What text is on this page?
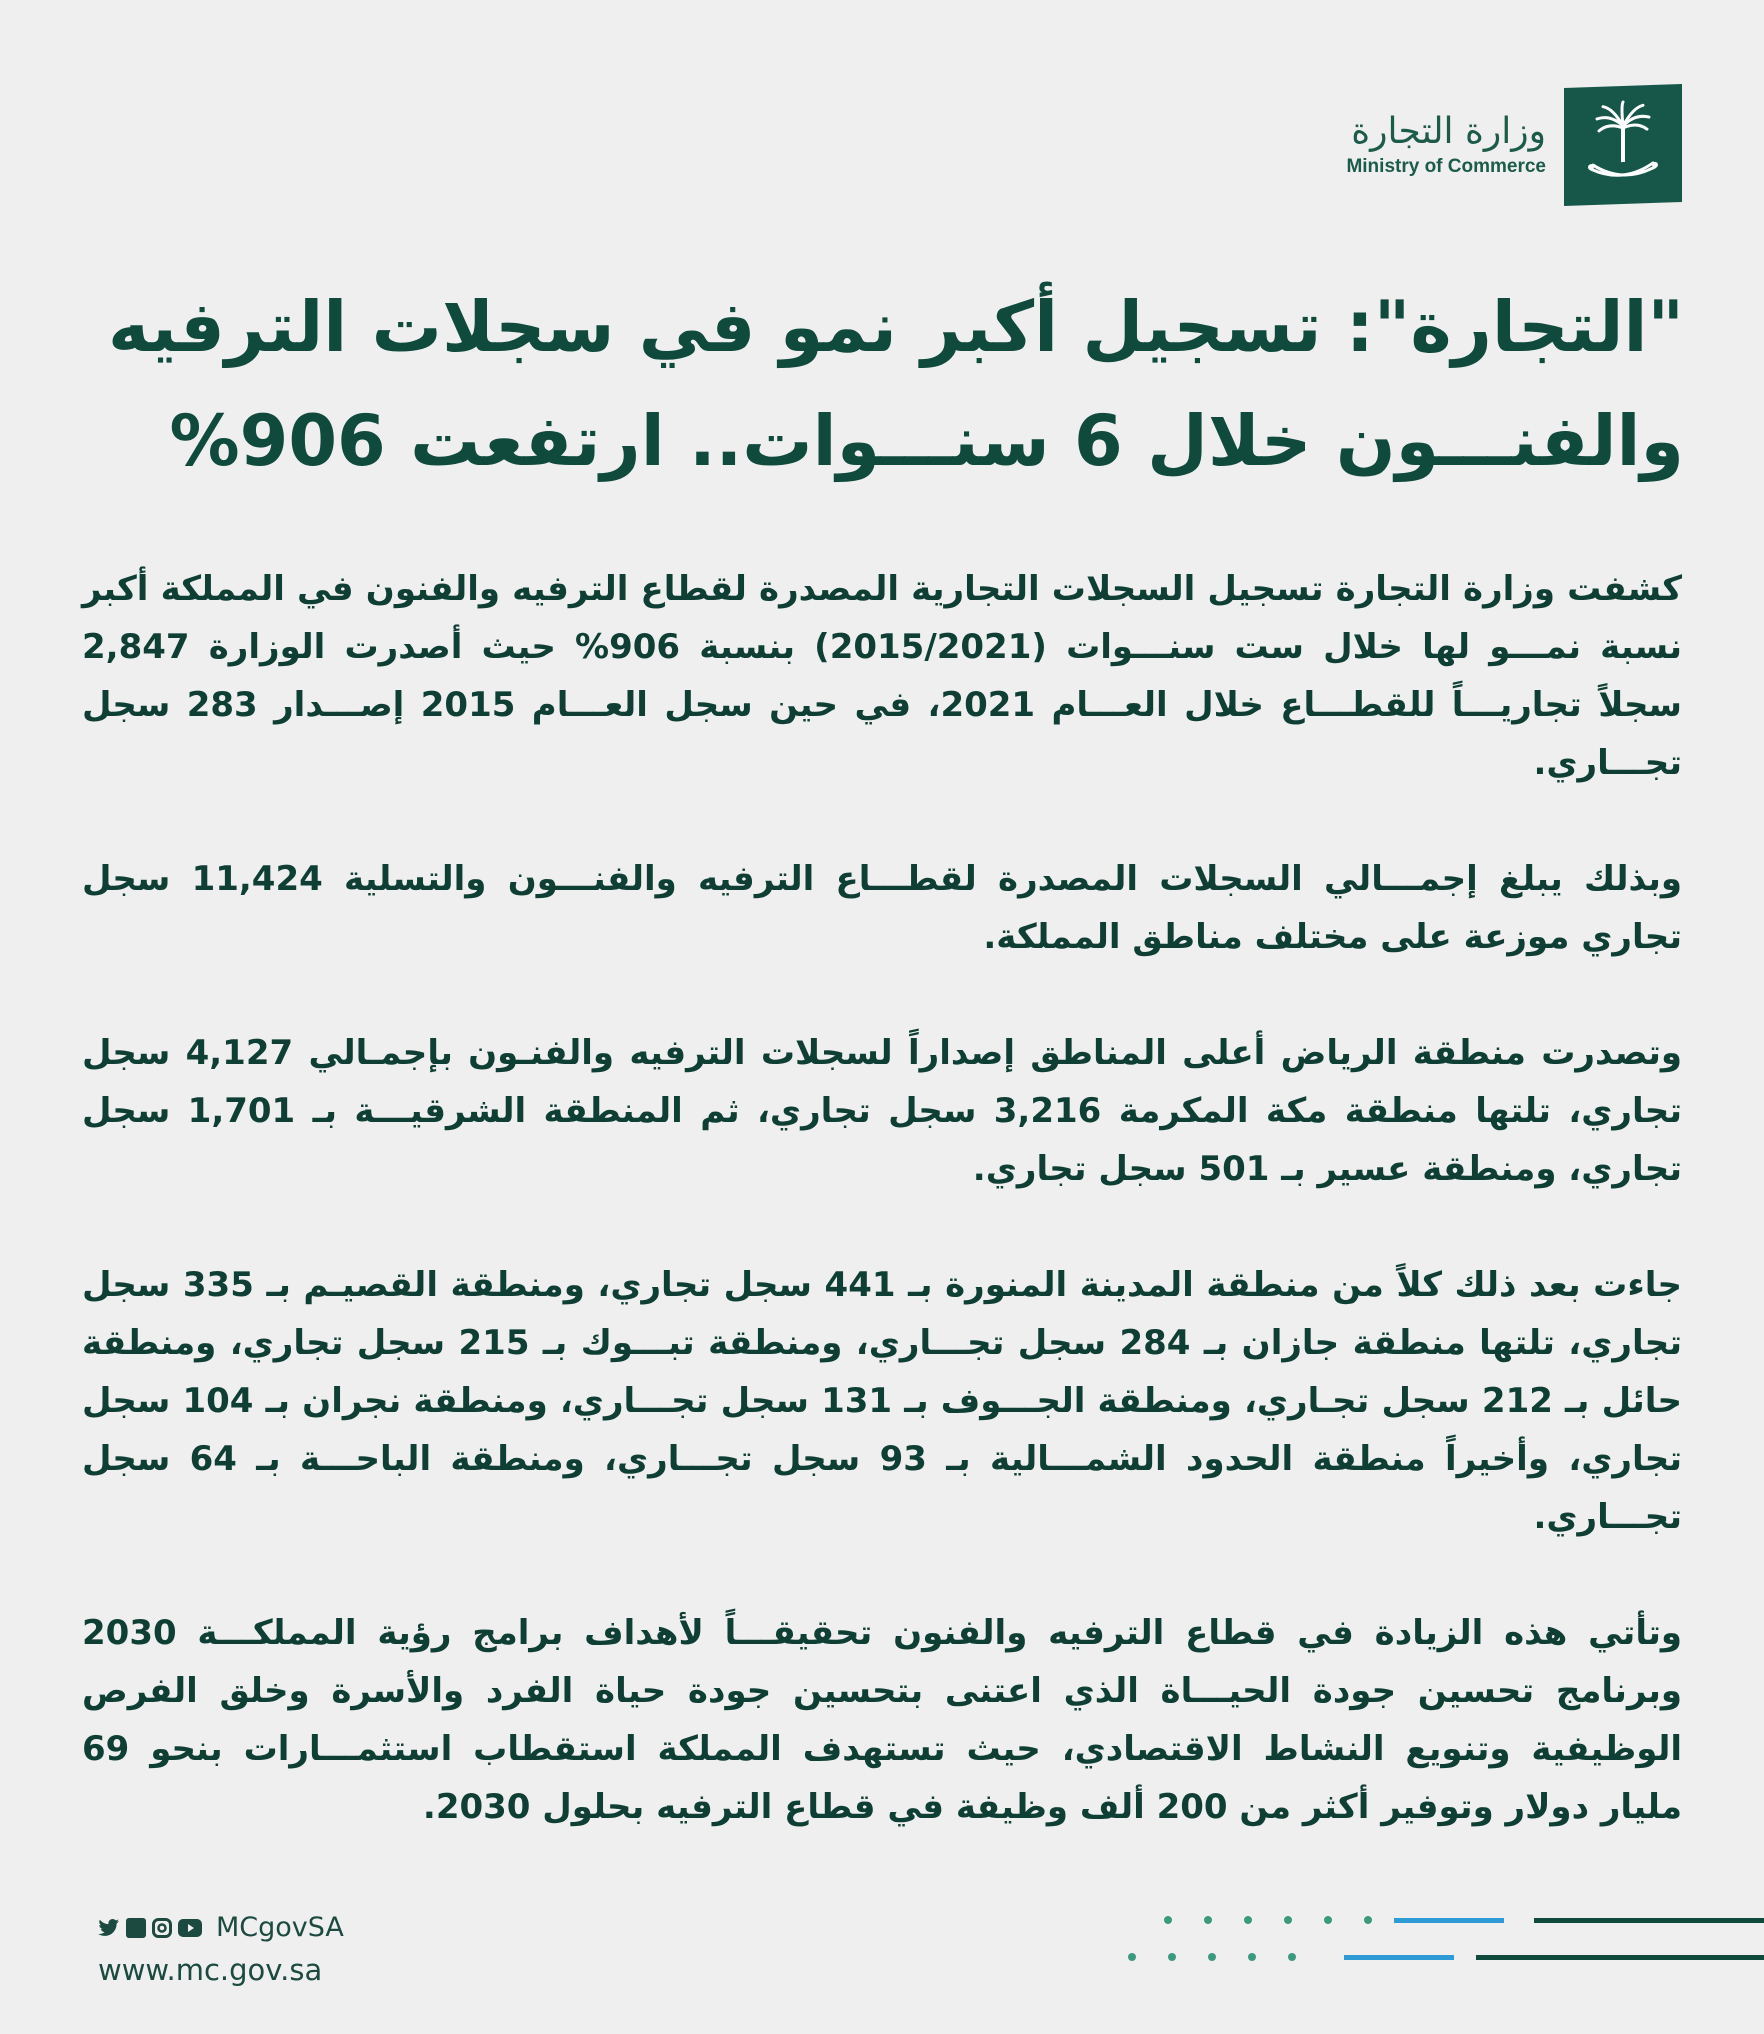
وزارة التجارة
Ministry of Commerce
"التجارة": تسجيل أكبر نمو في سجلات الترفيه
والفنـــون خلال 6 سنـــوات.. ارتفعت 906%

كشفت وزارة التجارة تسجيل السجلات التجارية المصدرة لقطاع الترفيه والفنون في المملكة أكبر نسبة نمـــو لها خلال ست سنـــوات (2015/2021) بنسبة 906% حيث أصدرت الوزارة 2,847 سجلاً تجاريـــاً للقطـــاع خلال العـــام 2021، في حين سجل العـــام 2015 إصـــدار 283 سجل تجـــاري.

وبذلك يبلغ إجمـــالي السجلات المصدرة لقطـــاع الترفيه والفنـــون والتسلية 11,424 سجل تجاري موزعة على مختلف مناطق المملكة.

وتصدرت منطقة الرياض أعلى المناطق إصداراً لسجلات الترفيه والفنـون بإجمـالي 4,127 سجل تجاري، تلتها منطقة مكة المكرمة 3,216 سجل تجاري، ثم المنطقة الشرقيـــة بـ 1,701 سجل تجاري، ومنطقة عسير بـ 501 سجل تجاري.

جاءت بعد ذلك كلاً من منطقة المدينة المنورة بـ 441 سجل تجاري، ومنطقة القصيـم بـ 335 سجل تجاري، تلتها منطقة جازان بـ 284 سجل تجـــاري، ومنطقة تبـــوك بـ 215 سجل تجاري، ومنطقة حائل بـ 212 سجل تجـاري، ومنطقة الجـــوف بـ 131 سجل تجـــاري، ومنطقة نجران بـ 104 سجل تجاري، وأخيراً منطقة الحدود الشمـــالية بـ 93 سجل تجـــاري، ومنطقة الباحـــة بـ 64 سجل تجـــاري.

وتأتي هذه الزيادة في قطاع الترفيه والفنون تحقيقـــاً لأهداف برامج رؤية المملكـــة 2030 وبرنامج تحسين جودة الحيـــاة الذي اعتنى بتحسين جودة حياة الفرد والأسرة وخلق الفرص الوظيفية وتنويع النشاط الاقتصادي، حيث تستهدف المملكة استقطاب استثمـــارات بنحو 69 مليار دولار وتوفير أكثر من 200 ألف وظيفة في قطاع الترفيه بحلول 2030.

MCgovSA
www.mc.gov.sa
